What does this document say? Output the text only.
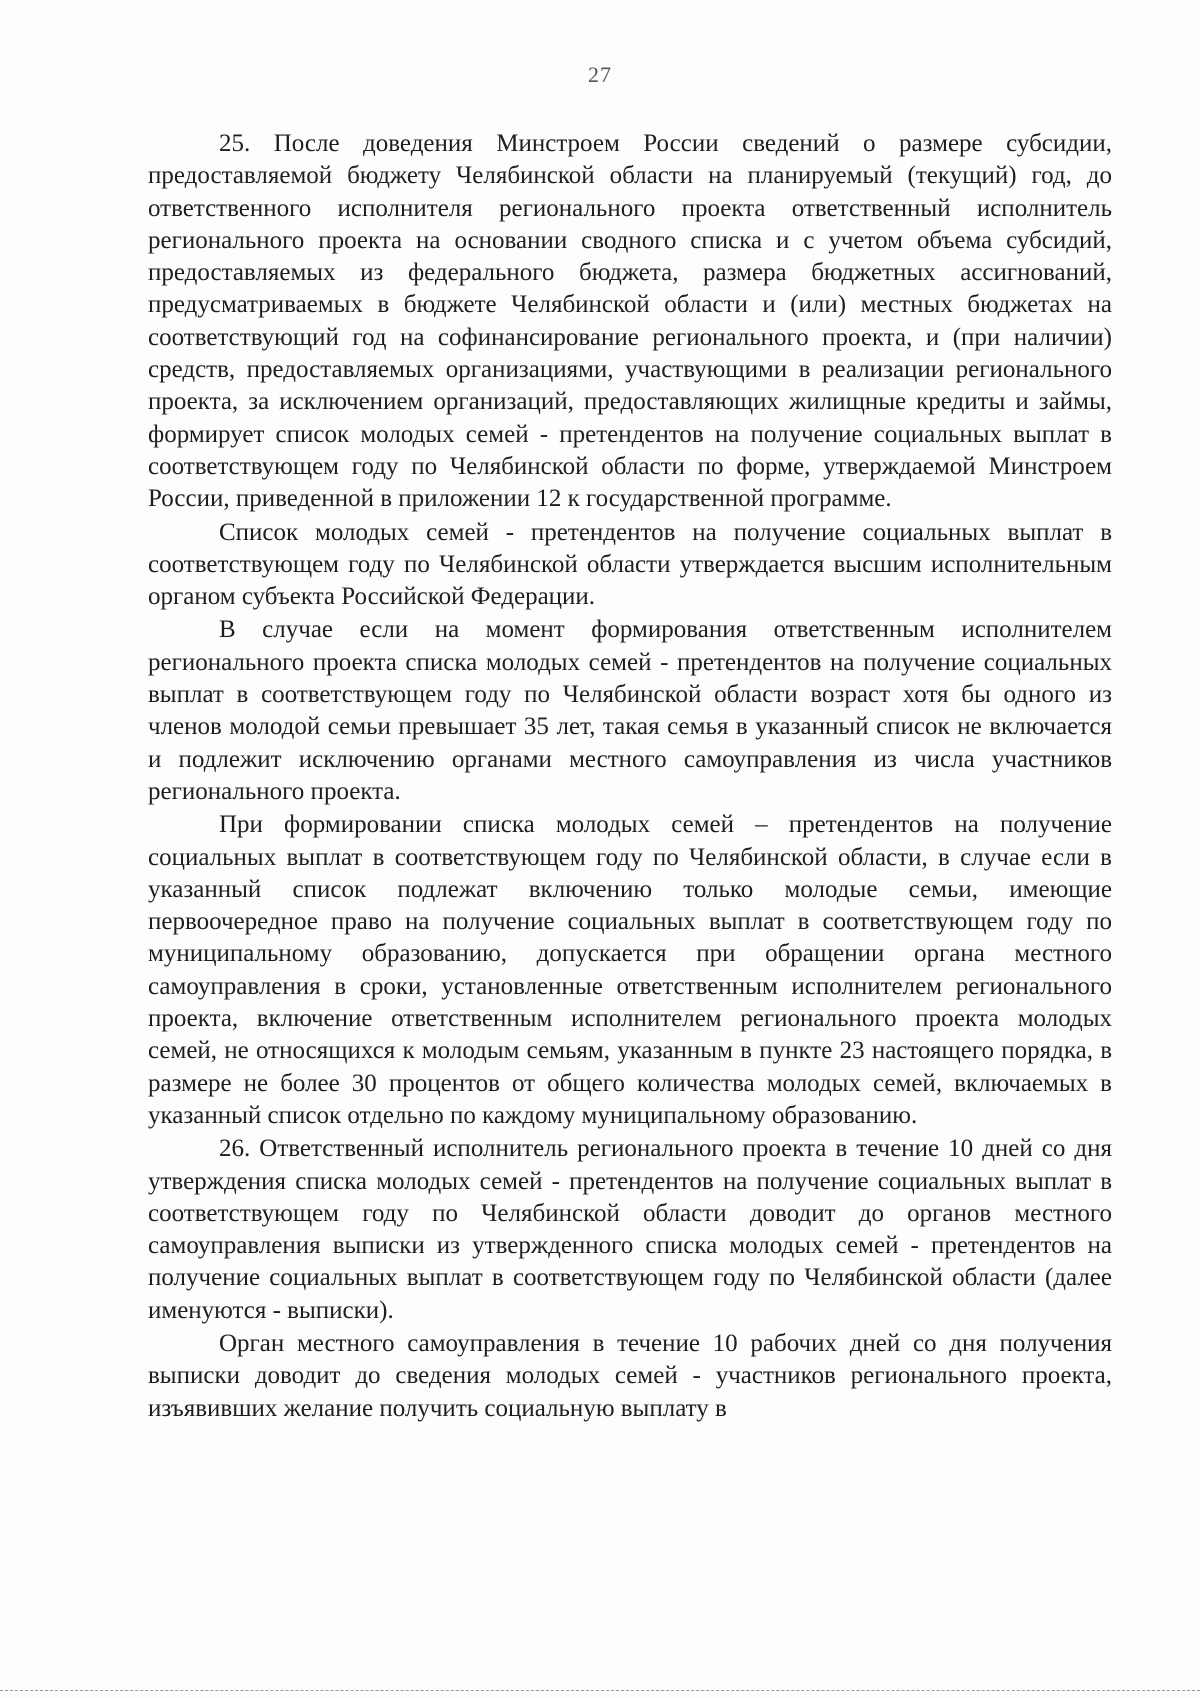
27

25. После доведения Минстроем России сведений о размере субсидии, предоставляемой бюджету Челябинской области на планируемый (текущий) год, до ответственного исполнителя регионального проекта ответственный исполнитель регионального проекта на основании сводного списка и с учетом объема субсидий, предоставляемых из федерального бюджета, размера бюджетных ассигнований, предусматриваемых в бюджете Челябинской области и (или) местных бюджетах на соответствующий год на софинансирование регионального проекта, и (при наличии) средств, предоставляемых организациями, участвующими в реализации регионального проекта, за исключением организаций, предоставляющих жилищные кредиты и займы, формирует список молодых семей - претендентов на получение социальных выплат в соответствующем году по Челябинской области по форме, утверждаемой Минстроем России, приведенной в приложении 12 к государственной программе.

Список молодых семей - претендентов на получение социальных выплат в соответствующем году по Челябинской области утверждается высшим исполнительным органом субъекта Российской Федерации.

В случае если на момент формирования ответственным исполнителем регионального проекта списка молодых семей - претендентов на получение социальных выплат в соответствующем году по Челябинской области возраст хотя бы одного из членов молодой семьи превышает 35 лет, такая семья в указанный список не включается и подлежит исключению органами местного самоуправления из числа участников регионального проекта.

При формировании списка молодых семей – претендентов на получение социальных выплат в соответствующем году по Челябинской области, в случае если в указанный список подлежат включению только молодые семьи, имеющие первоочередное право на получение социальных выплат в соответствующем году по муниципальному образованию, допускается при обращении органа местного самоуправления в сроки, установленные ответственным исполнителем регионального проекта, включение ответственным исполнителем регионального проекта молодых семей, не относящихся к молодым семьям, указанным в пункте 23 настоящего порядка, в размере не более 30 процентов от общего количества молодых семей, включаемых в указанный список отдельно по каждому муниципальному образованию.

26. Ответственный исполнитель регионального проекта в течение 10 дней со дня утверждения списка молодых семей - претендентов на получение социальных выплат в соответствующем году по Челябинской области доводит до органов местного самоуправления выписки из утвержденного списка молодых семей - претендентов на получение социальных выплат в соответствующем году по Челябинской области (далее именуются - выписки).

Орган местного самоуправления в течение 10 рабочих дней со дня получения выписки доводит до сведения молодых семей - участников регионального проекта, изъявивших желание получить социальную выплату в
